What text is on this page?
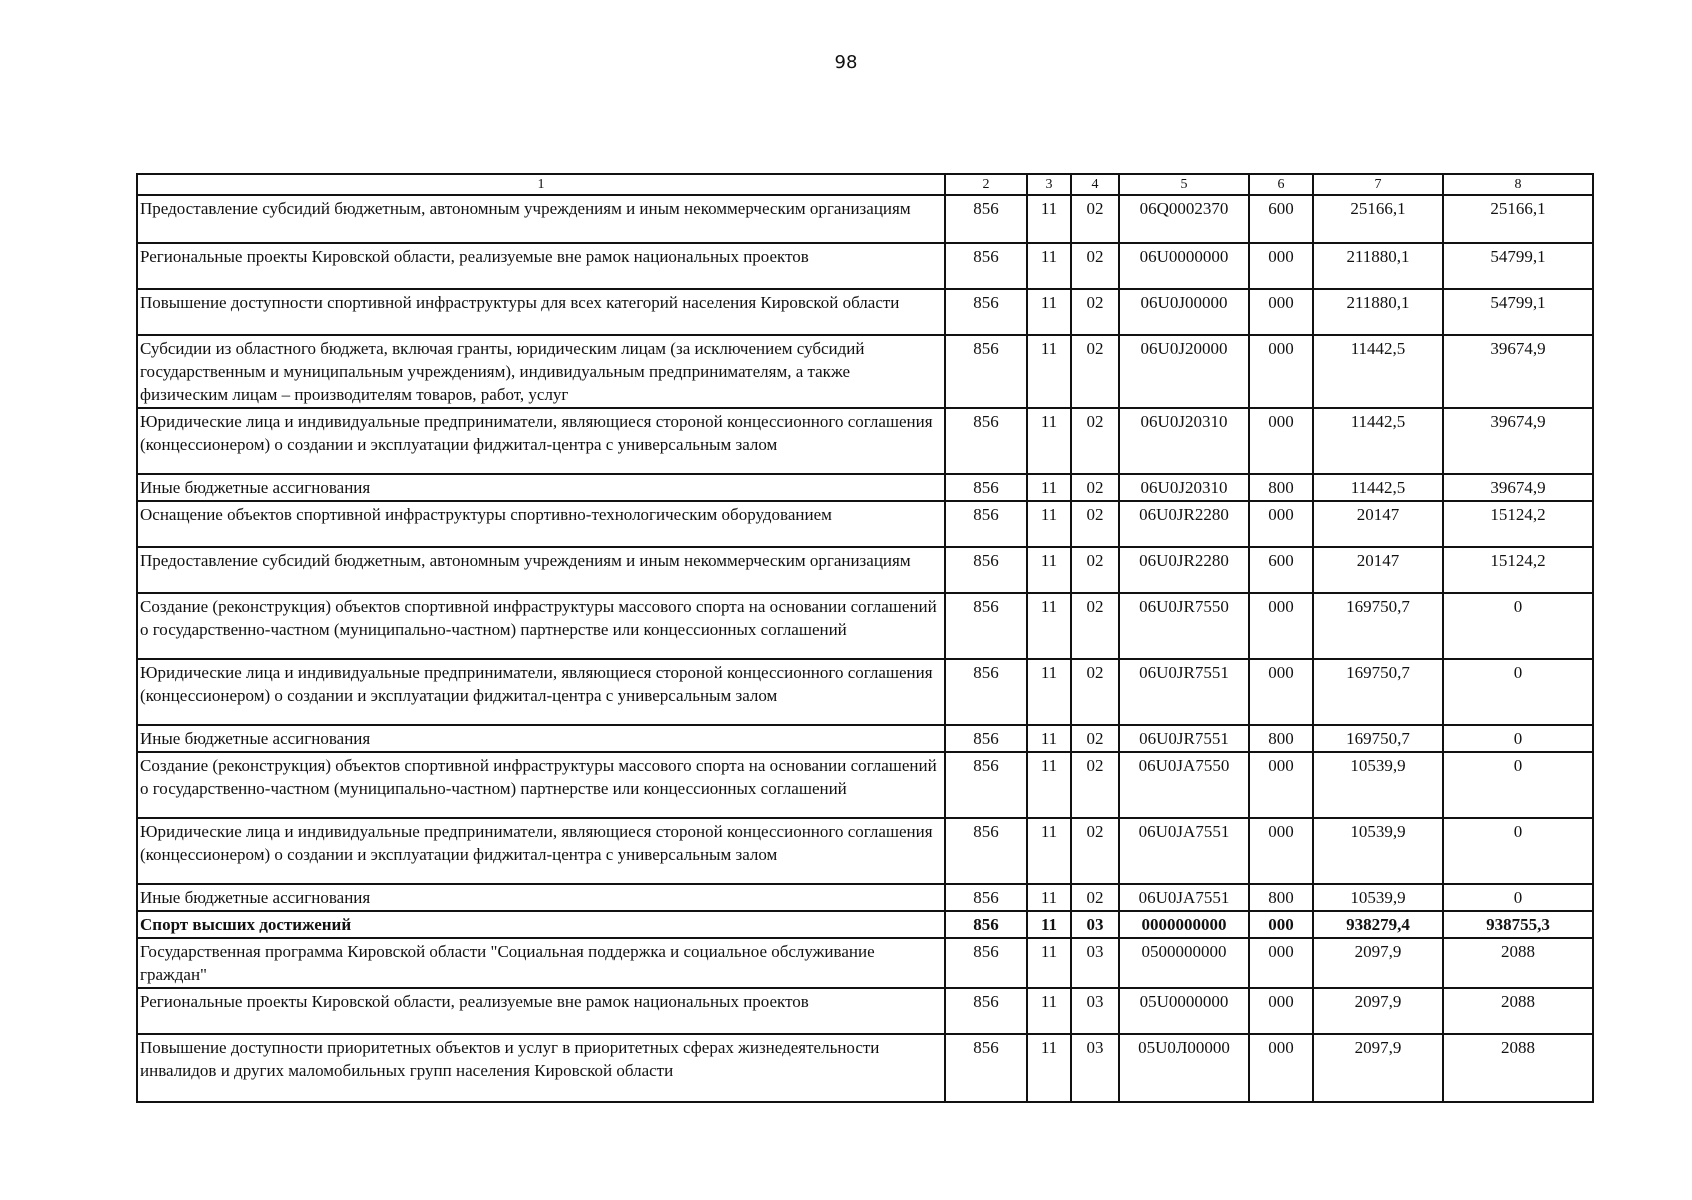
98
1	2	3	4	5	6	7	8
Предоставление субсидий бюджетным, автономным учреждениям и иным некоммерческим организациям	856	11	02	06Q0002370	600	25166,1	25166,1
Региональные проекты Кировской области, реализуемые вне рамок национальных проектов	856	11	02	06U0000000	000	211880,1	54799,1
Повышение доступности спортивной инфраструктуры для всех категорий населения Кировской области	856	11	02	06U0J00000	000	211880,1	54799,1
Субсидии из областного бюджета, включая гранты, юридическим лицам (за исключением субсидий государственным и муниципальным учреждениям), индивидуальным предпринимателям, а также физическим лицам – производителям товаров, работ, услуг	856	11	02	06U0J20000	000	11442,5	39674,9
Юридические лица и индивидуальные предприниматели, являющиеся стороной концессионного соглашения (концессионером) о создании и эксплуатации фиджитал-центра с универсальным залом	856	11	02	06U0J20310	000	11442,5	39674,9
Иные бюджетные ассигнования	856	11	02	06U0J20310	800	11442,5	39674,9
Оснащение объектов спортивной инфраструктуры спортивно-технологическим оборудованием	856	11	02	06U0JR2280	000	20147	15124,2
Предоставление субсидий бюджетным, автономным учреждениям и иным некоммерческим организациям	856	11	02	06U0JR2280	600	20147	15124,2
Создание (реконструкция) объектов спортивной инфраструктуры массового спорта на основании соглашений о государственно-частном (муниципально-частном) партнерстве или концессионных соглашений	856	11	02	06U0JR7550	000	169750,7	0
Юридические лица и индивидуальные предприниматели, являющиеся стороной концессионного соглашения (концессионером) о создании и эксплуатации фиджитал-центра с универсальным залом	856	11	02	06U0JR7551	000	169750,7	0
Иные бюджетные ассигнования	856	11	02	06U0JR7551	800	169750,7	0
Создание (реконструкция) объектов спортивной инфраструктуры массового спорта на основании соглашений о государственно-частном (муниципально-частном) партнерстве или концессионных соглашений	856	11	02	06U0JA7550	000	10539,9	0
Юридические лица и индивидуальные предприниматели, являющиеся стороной концессионного соглашения (концессионером) о создании и эксплуатации фиджитал-центра с универсальным залом	856	11	02	06U0JA7551	000	10539,9	0
Иные бюджетные ассигнования	856	11	02	06U0JA7551	800	10539,9	0
Спорт высших достижений	856	11	03	0000000000	000	938279,4	938755,3
Государственная программа Кировской области "Социальная поддержка и социальное обслуживание граждан"	856	11	03	0500000000	000	2097,9	2088
Региональные проекты Кировской области, реализуемые вне рамок национальных проектов	856	11	03	05U0000000	000	2097,9	2088
Повышение доступности приоритетных объектов и услуг в приоритетных сферах жизнедеятельности инвалидов и других маломобильных групп населения Кировской области	856	11	03	05U0Л00000	000	2097,9	2088
